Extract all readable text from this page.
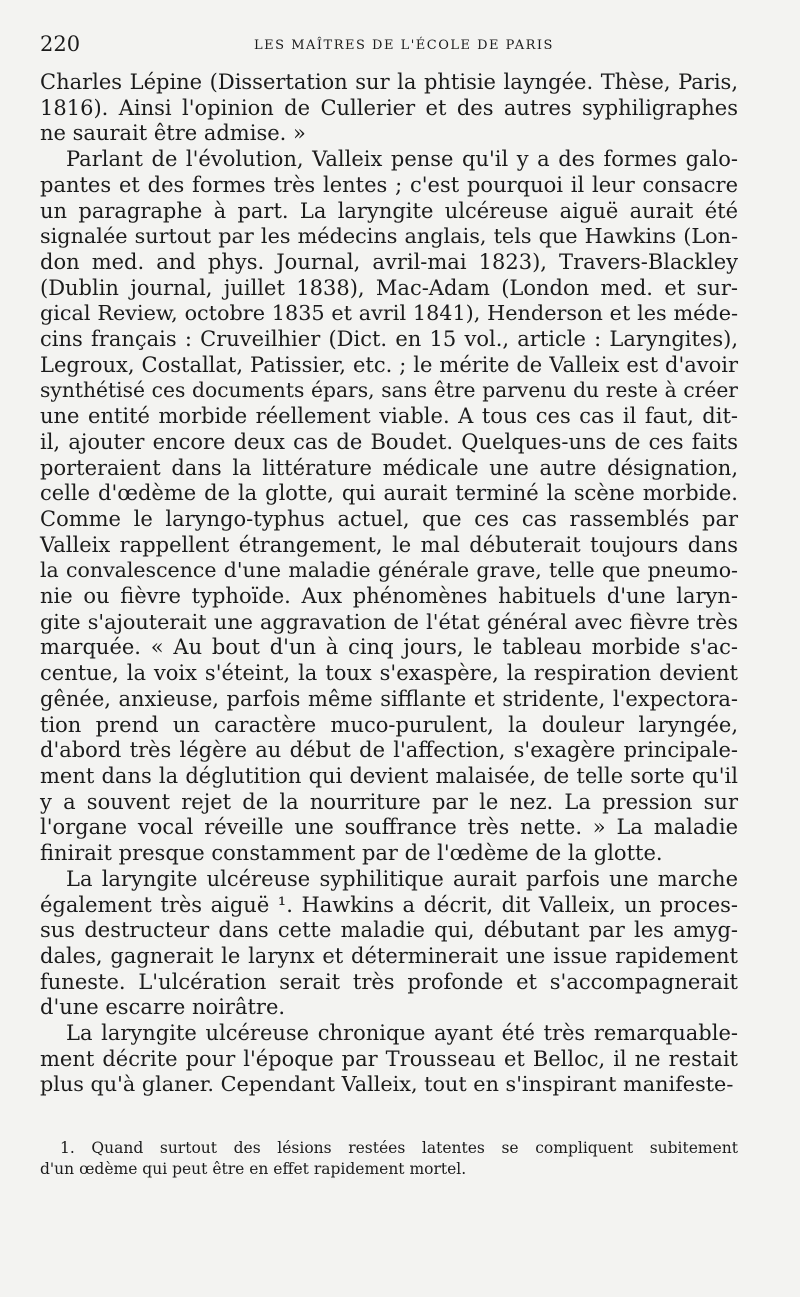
220	LES MAÎTRES DE L'ÉCOLE DE PARIS
Charles Lépine (Dissertation sur la phtisie layngée. Thèse, Paris,
1816). Ainsi l'opinion de Cullerier et des autres syphiligraphes
ne saurait être admise. »
Parlant de l'évolution, Valleix pense qu'il y a des formes galo-
pantes et des formes très lentes ; c'est pourquoi il leur consacre
un paragraphe à part. La laryngite ulcéreuse aiguë aurait été
signalée surtout par les médecins anglais, tels que Hawkins (Lon-
don med. and phys. Journal, avril-mai 1823), Travers-Blackley
(Dublin journal, juillet 1838), Mac-Adam (London med. et sur-
gical Review, octobre 1835 et avril 1841), Henderson et les méde-
cins français : Cruveilhier (Dict. en 15 vol., article : Laryngites),
Legroux, Costallat, Patissier, etc. ; le mérite de Valleix est d'avoir
synthétisé ces documents épars, sans être parvenu du reste à créer
une entité morbide réellement viable. A tous ces cas il faut, dit-
il, ajouter encore deux cas de Boudet. Quelques-uns de ces faits
porteraient dans la littérature médicale une autre désignation,
celle d'œdème de la glotte, qui aurait terminé la scène morbide.
Comme le laryngo-typhus actuel, que ces cas rassemblés par
Valleix rappellent étrangement, le mal débuterait toujours dans
la convalescence d'une maladie générale grave, telle que pneumo-
nie ou fièvre typhoïde. Aux phénomènes habituels d'une laryn-
gite s'ajouterait une aggravation de l'état général avec fièvre très
marquée. « Au bout d'un à cinq jours, le tableau morbide s'ac-
centue, la voix s'éteint, la toux s'exaspère, la respiration devient
gênée, anxieuse, parfois même sifflante et stridente, l'expectora-
tion prend un caractère muco-purulent, la douleur laryngée,
d'abord très légère au début de l'affection, s'exagère principale-
ment dans la déglutition qui devient malaisée, de telle sorte qu'il
y a souvent rejet de la nourriture par le nez. La pression sur
l'organe vocal réveille une souffrance très nette. » La maladie
finirait presque constamment par de l'œdème de la glotte.
La laryngite ulcéreuse syphilitique aurait parfois une marche
également très aiguë ¹. Hawkins a décrit, dit Valleix, un proces-
sus destructeur dans cette maladie qui, débutant par les amyg-
dales, gagnerait le larynx et déterminerait une issue rapidement
funeste. L'ulcération serait très profonde et s'accompagnerait
d'une escarre noirâtre.
La laryngite ulcéreuse chronique ayant été très remarquable-
ment décrite pour l'époque par Trousseau et Belloc, il ne restait
plus qu'à glaner. Cependant Valleix, tout en s'inspirant manifeste-
1. Quand surtout des lésions restées latentes se compliquent subitement
d'un œdème qui peut être en effet rapidement mortel.
